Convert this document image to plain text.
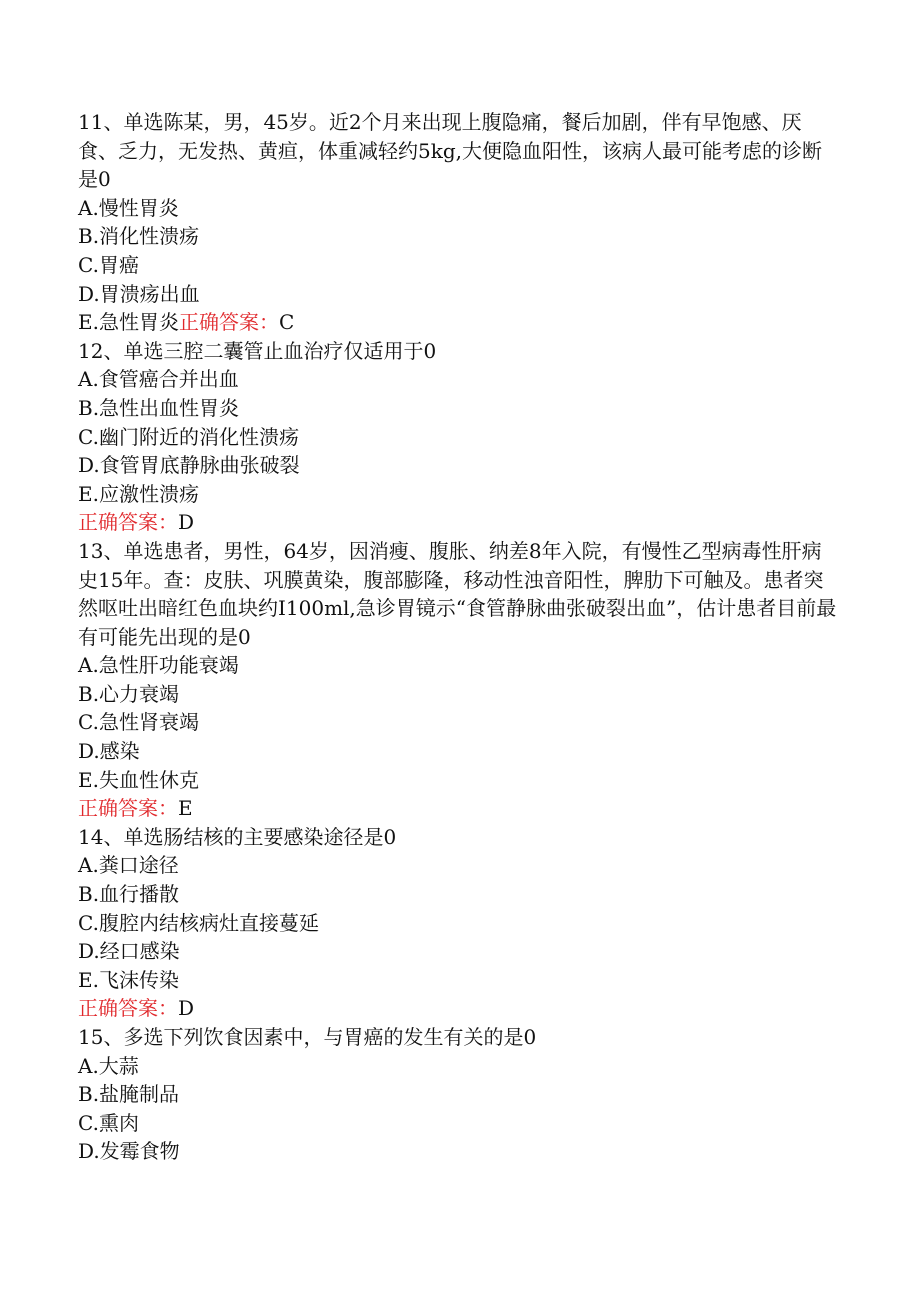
11、单选陈某，男，45岁。近2个月来出现上腹隐痛，餐后加剧，伴有早饱感、厌食、乏力，无发热、黄疸，体重减轻约5kg,大便隐血阳性，该病人最可能考虑的诊断是0
A.慢性胃炎
B.消化性溃疡
C.胃癌
D.胃溃疡出血
E.急性胃炎正确答案：C
12、单选三腔二囊管止血治疗仅适用于0
A.食管癌合并出血
B.急性出血性胃炎
C.幽门附近的消化性溃疡
D.食管胃底静脉曲张破裂
E.应激性溃疡
正确答案：D
13、单选患者，男性，64岁，因消瘦、腹胀、纳差8年入院，有慢性乙型病毒性肝病史15年。查：皮肤、巩膜黄染，腹部膨隆，移动性浊音阳性，脾肋下可触及。患者突然呕吐出暗红色血块约I100ml,急诊胃镜示“食管静脉曲张破裂出血”，估计患者目前最有可能先出现的是0
A.急性肝功能衰竭
B.心力衰竭
C.急性肾衰竭
D.感染
E.失血性休克
正确答案：E
14、单选肠结核的主要感染途径是0
A.粪口途径
B.血行播散
C.腹腔内结核病灶直接蔓延
D.经口感染
E.飞沫传染
正确答案：D
15、多选下列饮食因素中，与胃癌的发生有关的是0
A.大蒜
B.盐腌制品
C.熏肉
D.发霉食物
